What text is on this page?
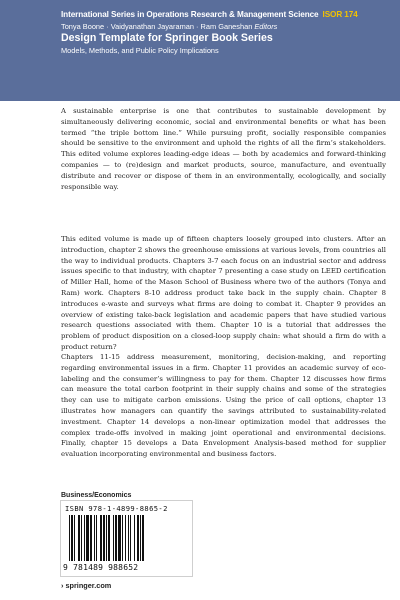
International Series in Operations Research & Management Science ISOR 174
Tonya Boone · Vaidyanathan Jayaraman · Ram Ganeshan Editors
Design Template for Springer Book Series
Models, Methods, and Public Policy Implications

A sustainable enterprise is one that contributes to sustainable development by simultaneously delivering economic, social and environmental benefits or what has been termed “the triple bottom line.” While pursuing profit, socially responsible companies should be sensitive to the environment and uphold the rights of all the firm’s stakeholders. This edited volume explores leading-edge ideas — both by academics and forward-thinking companies — to (re)design and market products, source, manufacture, and eventually distribute and recover or dispose of them in an environmentally, ecologically, and socially responsible way.

This edited volume is made up of fifteen chapters loosely grouped into clusters. After an introduction, chapter 2 shows the greenhouse emissions at various levels, from countries all the way to individual products. Chapters 3-7 each focus on an industrial sector and address issues specific to that industry, with chapter 7 presenting a case study on LEED certification of Miller Hall, home of the Mason School of Business where two of the authors (Tonya and Ram) work. Chapters 8-10 address product take back in the supply chain. Chapter 8 introduces e-waste and surveys what firms are doing to combat it. Chapter 9 provides an overview of existing take-back legislation and academic papers that have studied various research questions associated with them. Chapter 10 is a tutorial that addresses the problem of product disposition on a closed-loop supply chain: what should a firm do with a product return?

Chapters 11-15 address measurement, monitoring, decision-making, and reporting regarding environmental issues in a firm. Chapter 11 provides an academic survey of eco-labeling and the consumer’s willingness to pay for them. Chapter 12 discusses how firms can measure the total carbon footprint in their supply chains and some of the strategies they can use to mitigate carbon emissions. Using the price of call options, chapter 13 illustrates how managers can quantify the savings attributed to sustainability-related investment. Chapter 14 develops a non-linear optimization model that addresses the complex trade-offs involved in making joint operational and environmental decisions. Finally, chapter 15 develops a Data Envelopment Analysis-based method for supplier evaluation incorporating environmental and business factors.

Business/Economics
ISBN 978-1-4899-8865-2
9 781489 988652
› springer.com
